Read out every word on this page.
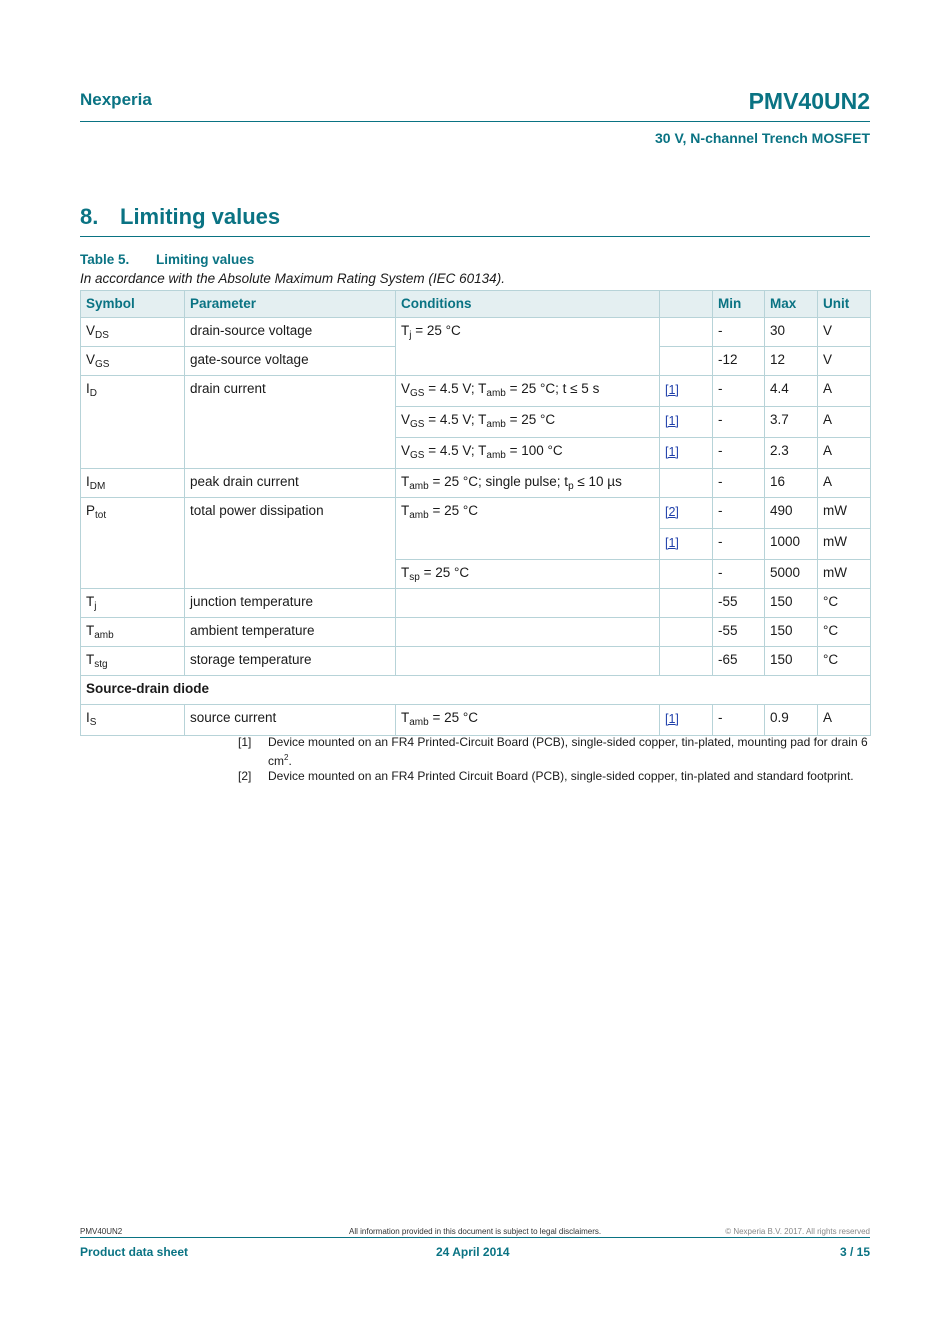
Nexperia	PMV40UN2
30 V, N-channel Trench MOSFET
8. Limiting values
Table 5. Limiting values
In accordance with the Absolute Maximum Rating System (IEC 60134).
Symbol	Parameter	Conditions		Min	Max	Unit
$V_{DS}$	drain-source voltage	$T_j = 25$ °C		-	30	V
$V_{GS}$	gate-source voltage			-12	12	V
$I_D$	drain current	$V_{GS} = 4.5$ V; $T_{amb} = 25$ °C; t ≤ 5 s	[1]	-	4.4	A
		$V_{GS} = 4.5$ V; $T_{amb} = 25$ °C	[1]	-	3.7	A
		$V_{GS} = 4.5$ V; $T_{amb} = 100$ °C	[1]	-	2.3	A
$I_{DM}$	peak drain current	$T_{amb} = 25$ °C; single pulse; $t_p \le 10$ µs		-	16	A
$P_{tot}$	total power dissipation	$T_{amb} = 25$ °C	[2]	-	490	mW
			[1]	-	1000	mW
		$T_{sp} = 25$ °C		-	5000	mW
$T_j$	junction temperature			-55	150	°C
$T_{amb}$	ambient temperature			-55	150	°C
$T_{stg}$	storage temperature			-65	150	°C
Source-drain diode						
$I_S$	source current	$T_{amb} = 25$ °C	[1]	-	0.9	A
[1] Device mounted on an FR4 Printed-Circuit Board (PCB), single-sided copper, tin-plated, mounting pad for drain 6 $cm^2$.
[2] Device mounted on an FR4 Printed Circuit Board (PCB), single-sided copper, tin-plated and standard footprint.
PMV40UN2	All information provided in this document is subject to legal disclaimers.	© Nexperia B.V. 2017. All rights reserved
Product data sheet	24 April 2014	3 / 15
